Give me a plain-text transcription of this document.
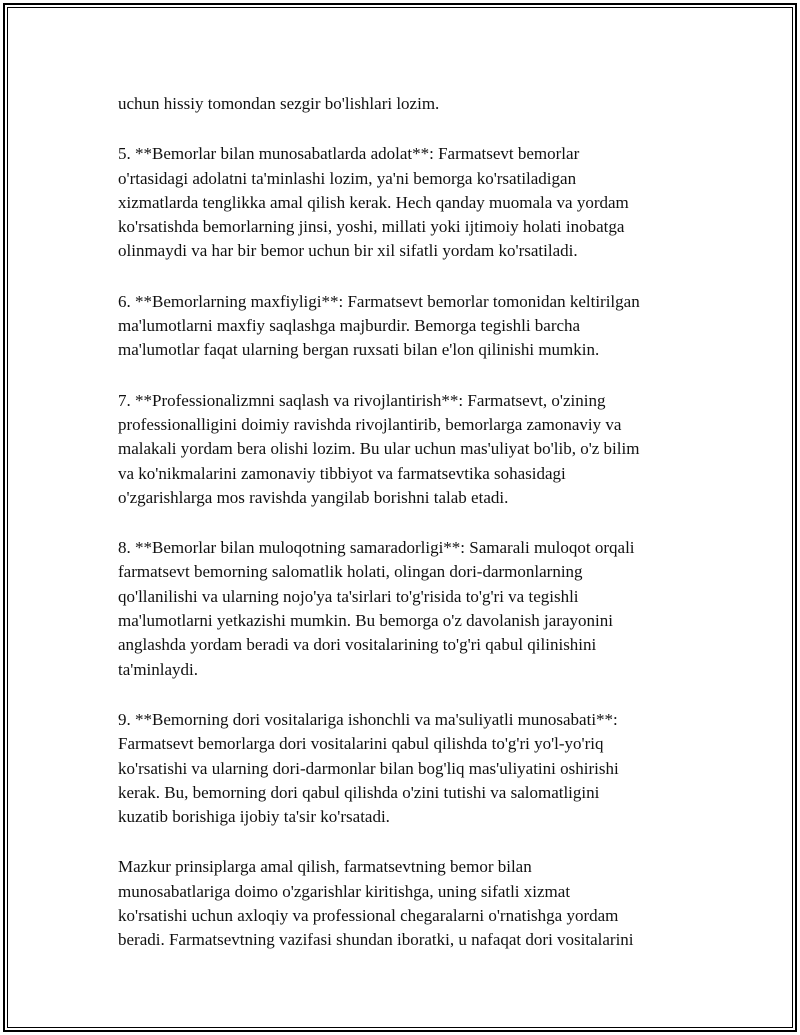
uchun hissiy tomondan sezgir bo'lishlari lozim.

5. **Bemorlar bilan munosabatlarda adolat**: Farmatsevt bemorlar
o'rtasidagi adolatni ta'minlashi lozim, ya'ni bemorga ko'rsatiladigan
xizmatlarda tenglikka amal qilish kerak. Hech qanday muomala va yordam
ko'rsatishda bemorlarning jinsi, yoshi, millati yoki ijtimoiy holati inobatga
olinmaydi va har bir bemor uchun bir xil sifatli yordam ko'rsatiladi.

6. **Bemorlarning maxfiyligi**: Farmatsevt bemorlar tomonidan keltirilgan
ma'lumotlarni maxfiy saqlashga majburdir. Bemorga tegishli barcha
ma'lumotlar faqat ularning bergan ruxsati bilan e'lon qilinishi mumkin.

7. **Professionalizmni saqlash va rivojlantirish**: Farmatsevt, o'zining
professionalligini doimiy ravishda rivojlantirib, bemorlarga zamonaviy va
malakali yordam bera olishi lozim. Bu ular uchun mas'uliyat bo'lib, o'z bilim
va ko'nikmalarini zamonaviy tibbiyot va farmatsevtika sohasidagi
o'zgarishlarga mos ravishda yangilab borishni talab etadi.

8. **Bemorlar bilan muloqotning samaradorligi**: Samarali muloqot orqali
farmatsevt bemorning salomatlik holati, olingan dori-darmonlarning
qo'llanilishi va ularning nojo'ya ta'sirlari to'g'risida to'g'ri va tegishli
ma'lumotlarni yetkazishi mumkin. Bu bemorga o'z davolanish jarayonini
anglashda yordam beradi va dori vositalarining to'g'ri qabul qilinishini
ta'minlaydi.

9. **Bemorning dori vositalariga ishonchli va ma'suliyatli munosabati**:
Farmatsevt bemorlarga dori vositalarini qabul qilishda to'g'ri yo'l-yo'riq
ko'rsatishi va ularning dori-darmonlar bilan bog'liq mas'uliyatini oshirishi
kerak. Bu, bemorning dori qabul qilishda o'zini tutishi va salomatligini
kuzatib borishiga ijobiy ta'sir ko'rsatadi.

Mazkur prinsiplarga amal qilish, farmatsevtning bemor bilan
munosabatlariga doimo o'zgarishlar kiritishga, uning sifatli xizmat
ko'rsatishi uchun axloqiy va professional chegaralarni o'rnatishga yordam
beradi. Farmatsevtning vazifasi shundan iboratki, u nafaqat dori vositalarini
